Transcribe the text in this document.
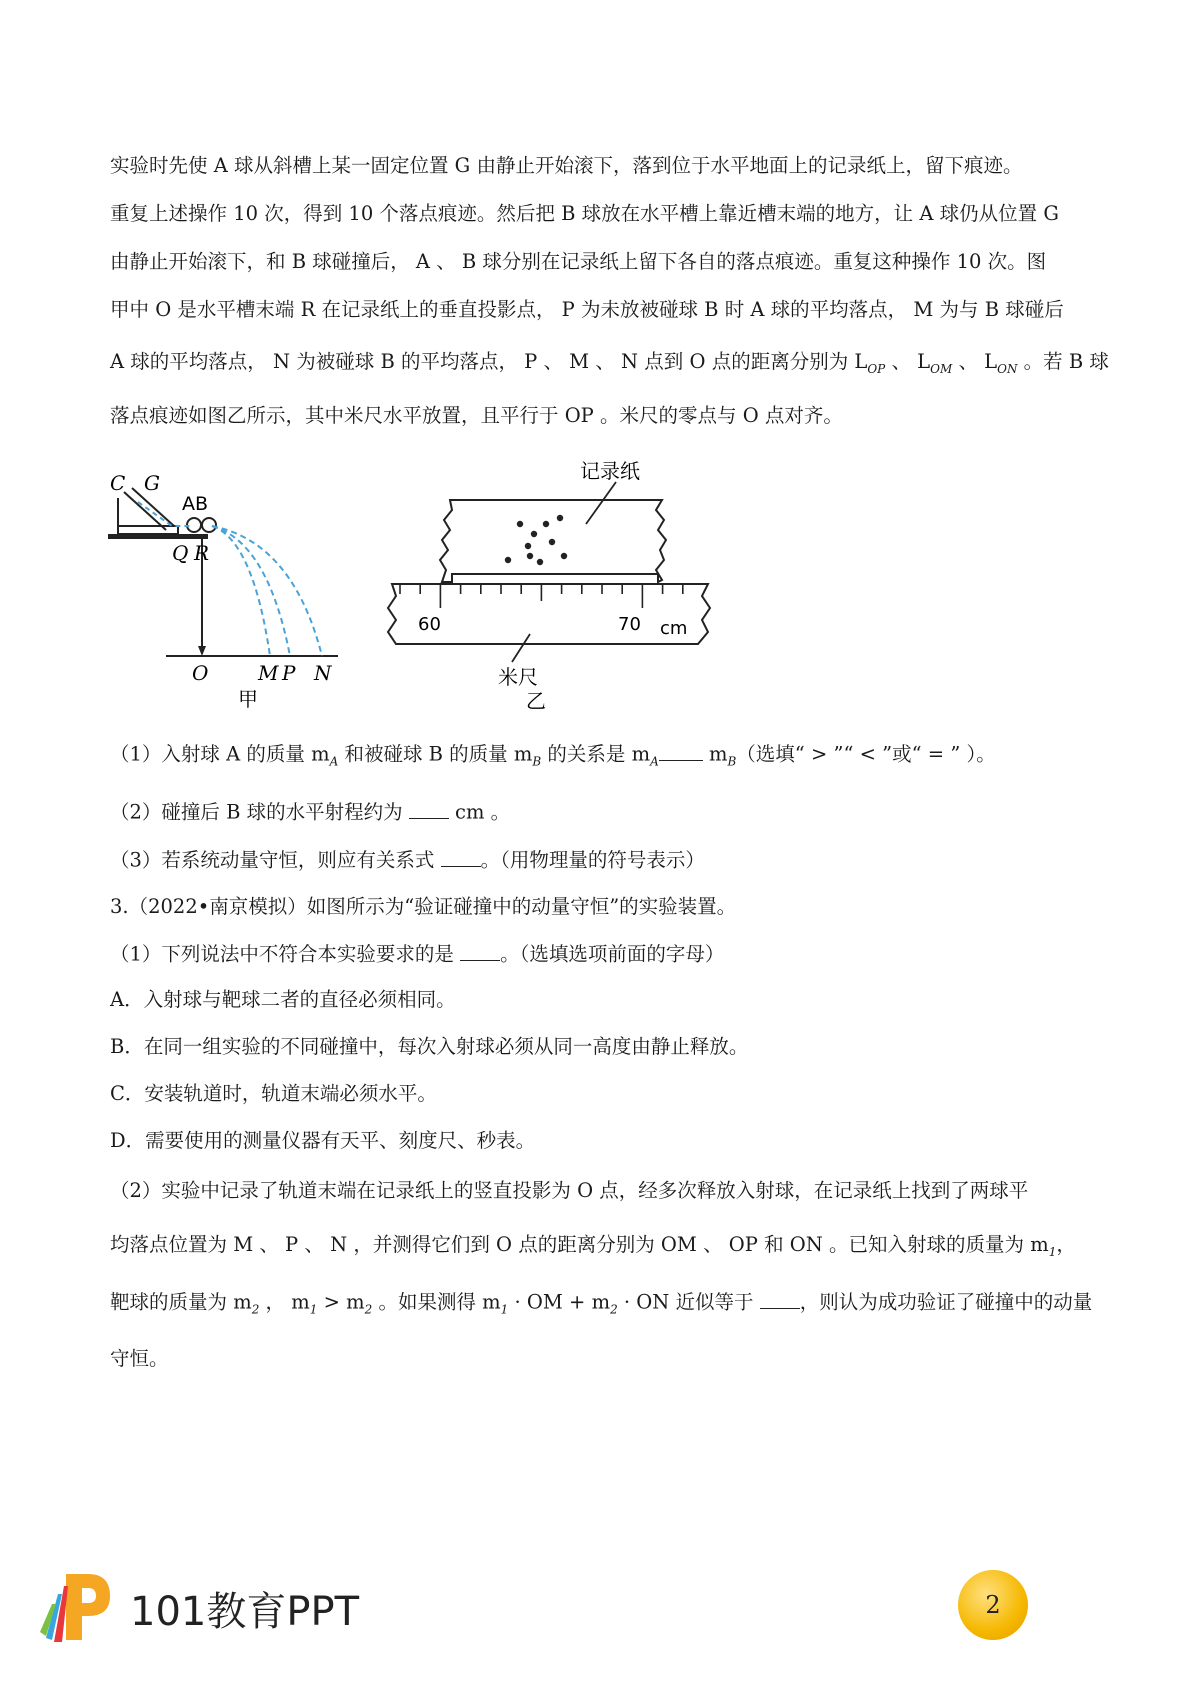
实验时先使 A 球从斜槽上某一固定位置 G 由静止开始滚下，落到位于水平地面上的记录纸上，留下痕迹。
重复上述操作 10 次，得到 10 个落点痕迹。然后把 B 球放在水平槽上靠近槽末端的地方，让 A 球仍从位置 G
由静止开始滚下，和 B 球碰撞后， A 、 B 球分别在记录纸上留下各自的落点痕迹。重复这种操作 10 次。图
甲中 O 是水平槽末端 R 在记录纸上的垂直投影点， P 为未放被碰球 B 时 A 球的平均落点， M 为与 B 球碰后
A 球的平均落点， N 为被碰球 B 的平均落点， P 、 M 、 N 点到 O 点的距离分别为 $L_{OP}$ 、 $L_{OM}$ 、 $L_{ON}$ 。若 B 球
落点痕迹如图乙所示，其中米尺水平放置，且平行于 OP 。米尺的零点与 O 点对齐。
C G
AB
Q R
O M P N
甲
记录纸
60	70 cm
米尺
乙
（1）入射球 A 的质量 $m_A$ 和被碰球 B 的质量 $m_B$ 的关系是 $m_A$ $m_B$（选填“ > ”“ < ”或“ = ” ）。
（2）碰撞后 B 球的水平射程约为  cm 。
（3）若系统动量守恒，则应有关系式 。（用物理量的符号表示）
3.（2022•南京模拟）如图所示为“验证碰撞中的动量守恒”的实验装置。
（1）下列说法中不符合本实验要求的是 。（选填选项前面的字母）
A．入射球与靶球二者的直径必须相同。
B．在同一组实验的不同碰撞中，每次入射球必须从同一高度由静止释放。
C．安装轨道时，轨道末端必须水平。
D．需要使用的测量仪器有天平、刻度尺、秒表。
（2）实验中记录了轨道末端在记录纸上的竖直投影为 O 点，经多次释放入射球，在记录纸上找到了两球平
均落点位置为 M 、 P 、 N ，并测得它们到 O 点的距离分别为 OM 、 OP 和 ON 。已知入射球的质量为 $m_1$，
靶球的质量为 $m_2$ ， $m_1 > m_2$ 。如果测得 $m_1$ · OM + $m_2$ · ON 近似等于 ，则认为成功验证了碰撞中的动量
守恒。
101教育PPT	2
